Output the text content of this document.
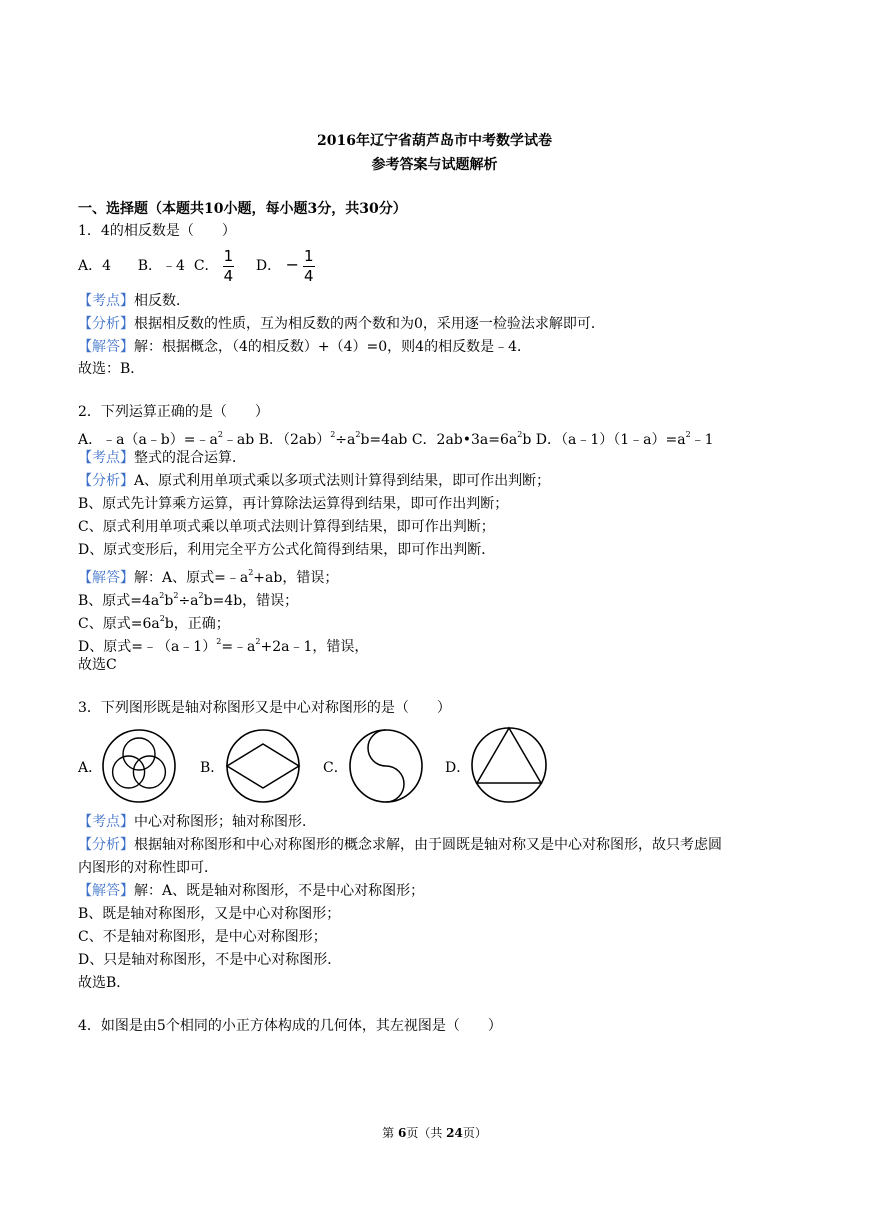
2016年辽宁省葫芦岛市中考数学试卷
参考答案与试题解析
一、选择题（本题共10小题，每小题3分，共30分）
1．4的相反数是（　　）
A．4 B．﹣4 C． $\frac{1}{4}$ D． − $\frac{1}{4}$
【考点】相反数．
【分析】根据相反数的性质，互为相反数的两个数和为0，采用逐一检验法求解即可．
【解答】解：根据概念，（4的相反数）+（4）=0，则4的相反数是﹣4．
故选：B．
2．下列运算正确的是（　　）
A．$﹣a(a﹣b)=﹣a^2﹣ab$ B．$(2ab)^2\div a^2b=4ab$ C．$2ab•3a=6a^2b$ D．$(a﹣1)(1﹣a)=a^2﹣1$
【考点】整式的混合运算．
【分析】A、原式利用单项式乘以多项式法则计算得到结果，即可作出判断；
B、原式先计算乘方运算，再计算除法运算得到结果，即可作出判断；
C、原式利用单项式乘以单项式法则计算得到结果，即可作出判断；
D、原式变形后，利用完全平方公式化简得到结果，即可作出判断．
【解答】解：A、原式$=﹣a^2+ab$，错误；
B、原式$=4a^2b^2\div a^2b=4b$，错误；
C、原式$=6a^2b$，正确；
D、原式$=﹣(a﹣1)^2=﹣a^2+2a﹣1$，错误，
故选C
3．下列图形既是轴对称图形又是中心对称图形的是（　　）
A．	B．	C．	D．
【考点】中心对称图形；轴对称图形．
【分析】根据轴对称图形和中心对称图形的概念求解，由于圆既是轴对称又是中心对称图形，故只考虑圆
内图形的对称性即可．
【解答】解：A、既是轴对称图形，不是中心对称图形；
B、既是轴对称图形，又是中心对称图形；
C、不是轴对称图形，是中心对称图形；
D、只是轴对称图形，不是中心对称图形．
故选B．
4．如图是由5个相同的小正方体构成的几何体，其左视图是（　　）
第 6页（共 24页）
